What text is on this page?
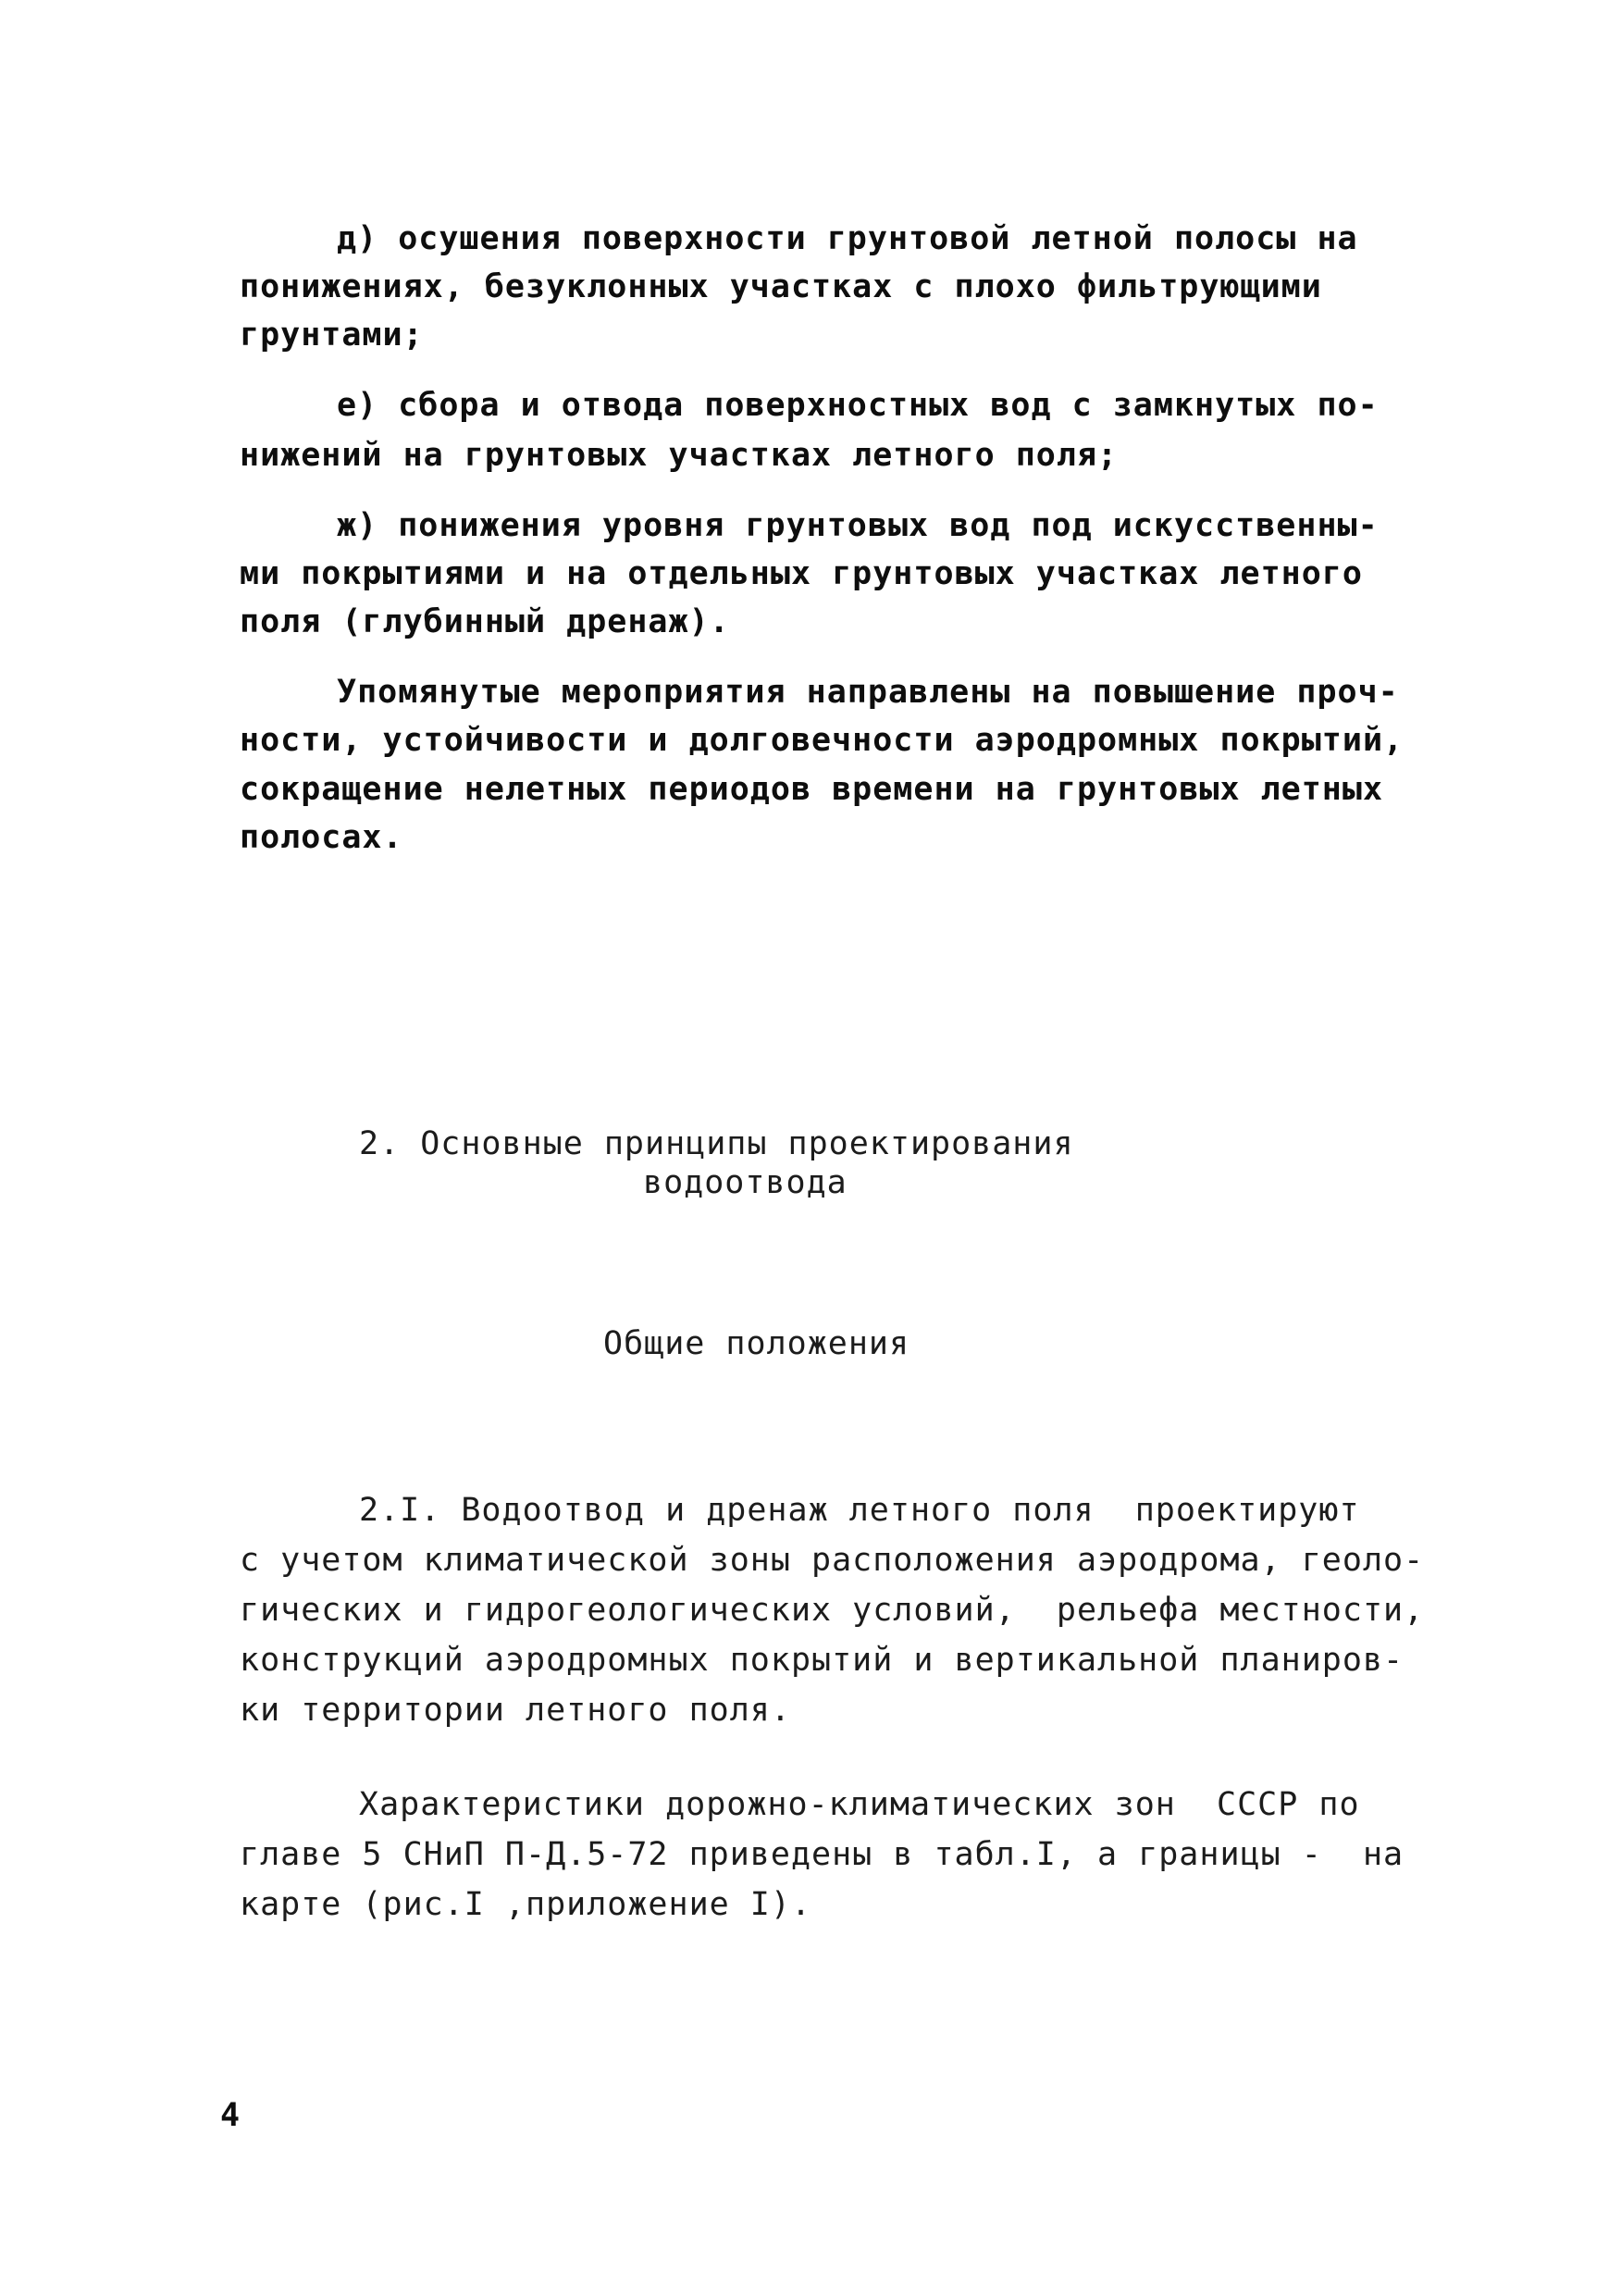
д) осушения поверхности грунтовой летной полосы на
понижениях, безуклонных участках с плохо фильтрующими
грунтами;
е) сбора и отвода поверхностных вод с замкнутых по-
нижений на грунтовых участках летного поля;
ж) понижения уровня грунтовых вод под искусственны-
ми покрытиями и на отдельных грунтовых участках летного
поля (глубинный дренаж).
Упомянутые мероприятия направлены на повышение проч-
ности, устойчивости и долговечности аэродромных покрытий,
сокращение нелетных периодов времени на грунтовых летных
полосах.
2. Основные принципы проектирования
водоотвода
Общие положения
2.I. Водоотвод и дренаж летного поля  проектируют
с учетом климатической зоны расположения аэродрома, геоло-
гических и гидрогеологических условий,  рельефа местности,
конструкций аэродромных покрытий и вертикальной планиров-
ки территории летного поля.
Характеристики дорожно-климатических зон  СССР по
главе 5 СНиП П-Д.5-72 приведены в табл.I, а границы -  на
карте (рис.I ,приложение I).
4
